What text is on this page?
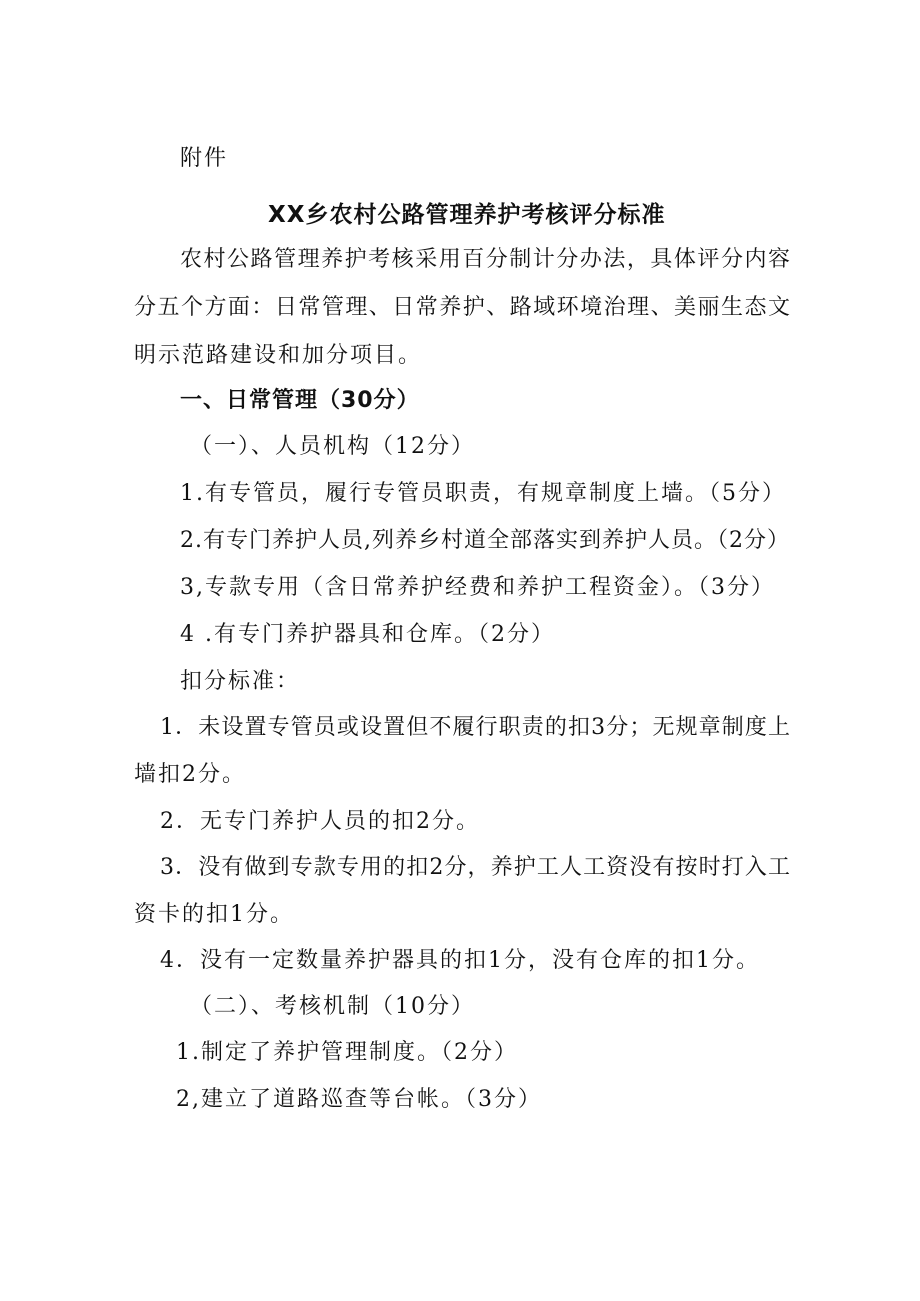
附件
XX乡农村公路管理养护考核评分标准
农村公路管理养护考核采用百分制计分办法，具体评分内容
分五个方面：日常管理、日常养护、路域环境治理、美丽生态文
明示范路建设和加分项目。
一、日常管理（30分）
（一）、人员机构（12分）
1.有专管员，履行专管员职责，有规章制度上墙。（5分）
2.有专门养护人员,列养乡村道全部落实到养护人员。（2分）
3,专款专用（含日常养护经费和养护工程资金）。（3分）
4 .有专门养护器具和仓库。（2分）
扣分标准：
1．未设置专管员或设置但不履行职责的扣3分；无规章制度上
墙扣2分。
2．无专门养护人员的扣2分。
3．没有做到专款专用的扣2分，养护工人工资没有按时打入工
资卡的扣1分。
4．没有一定数量养护器具的扣1分，没有仓库的扣1分。
（二）、考核机制（10分）
1.制定了养护管理制度。（2分）
2,建立了道路巡查等台帐。（3分）
